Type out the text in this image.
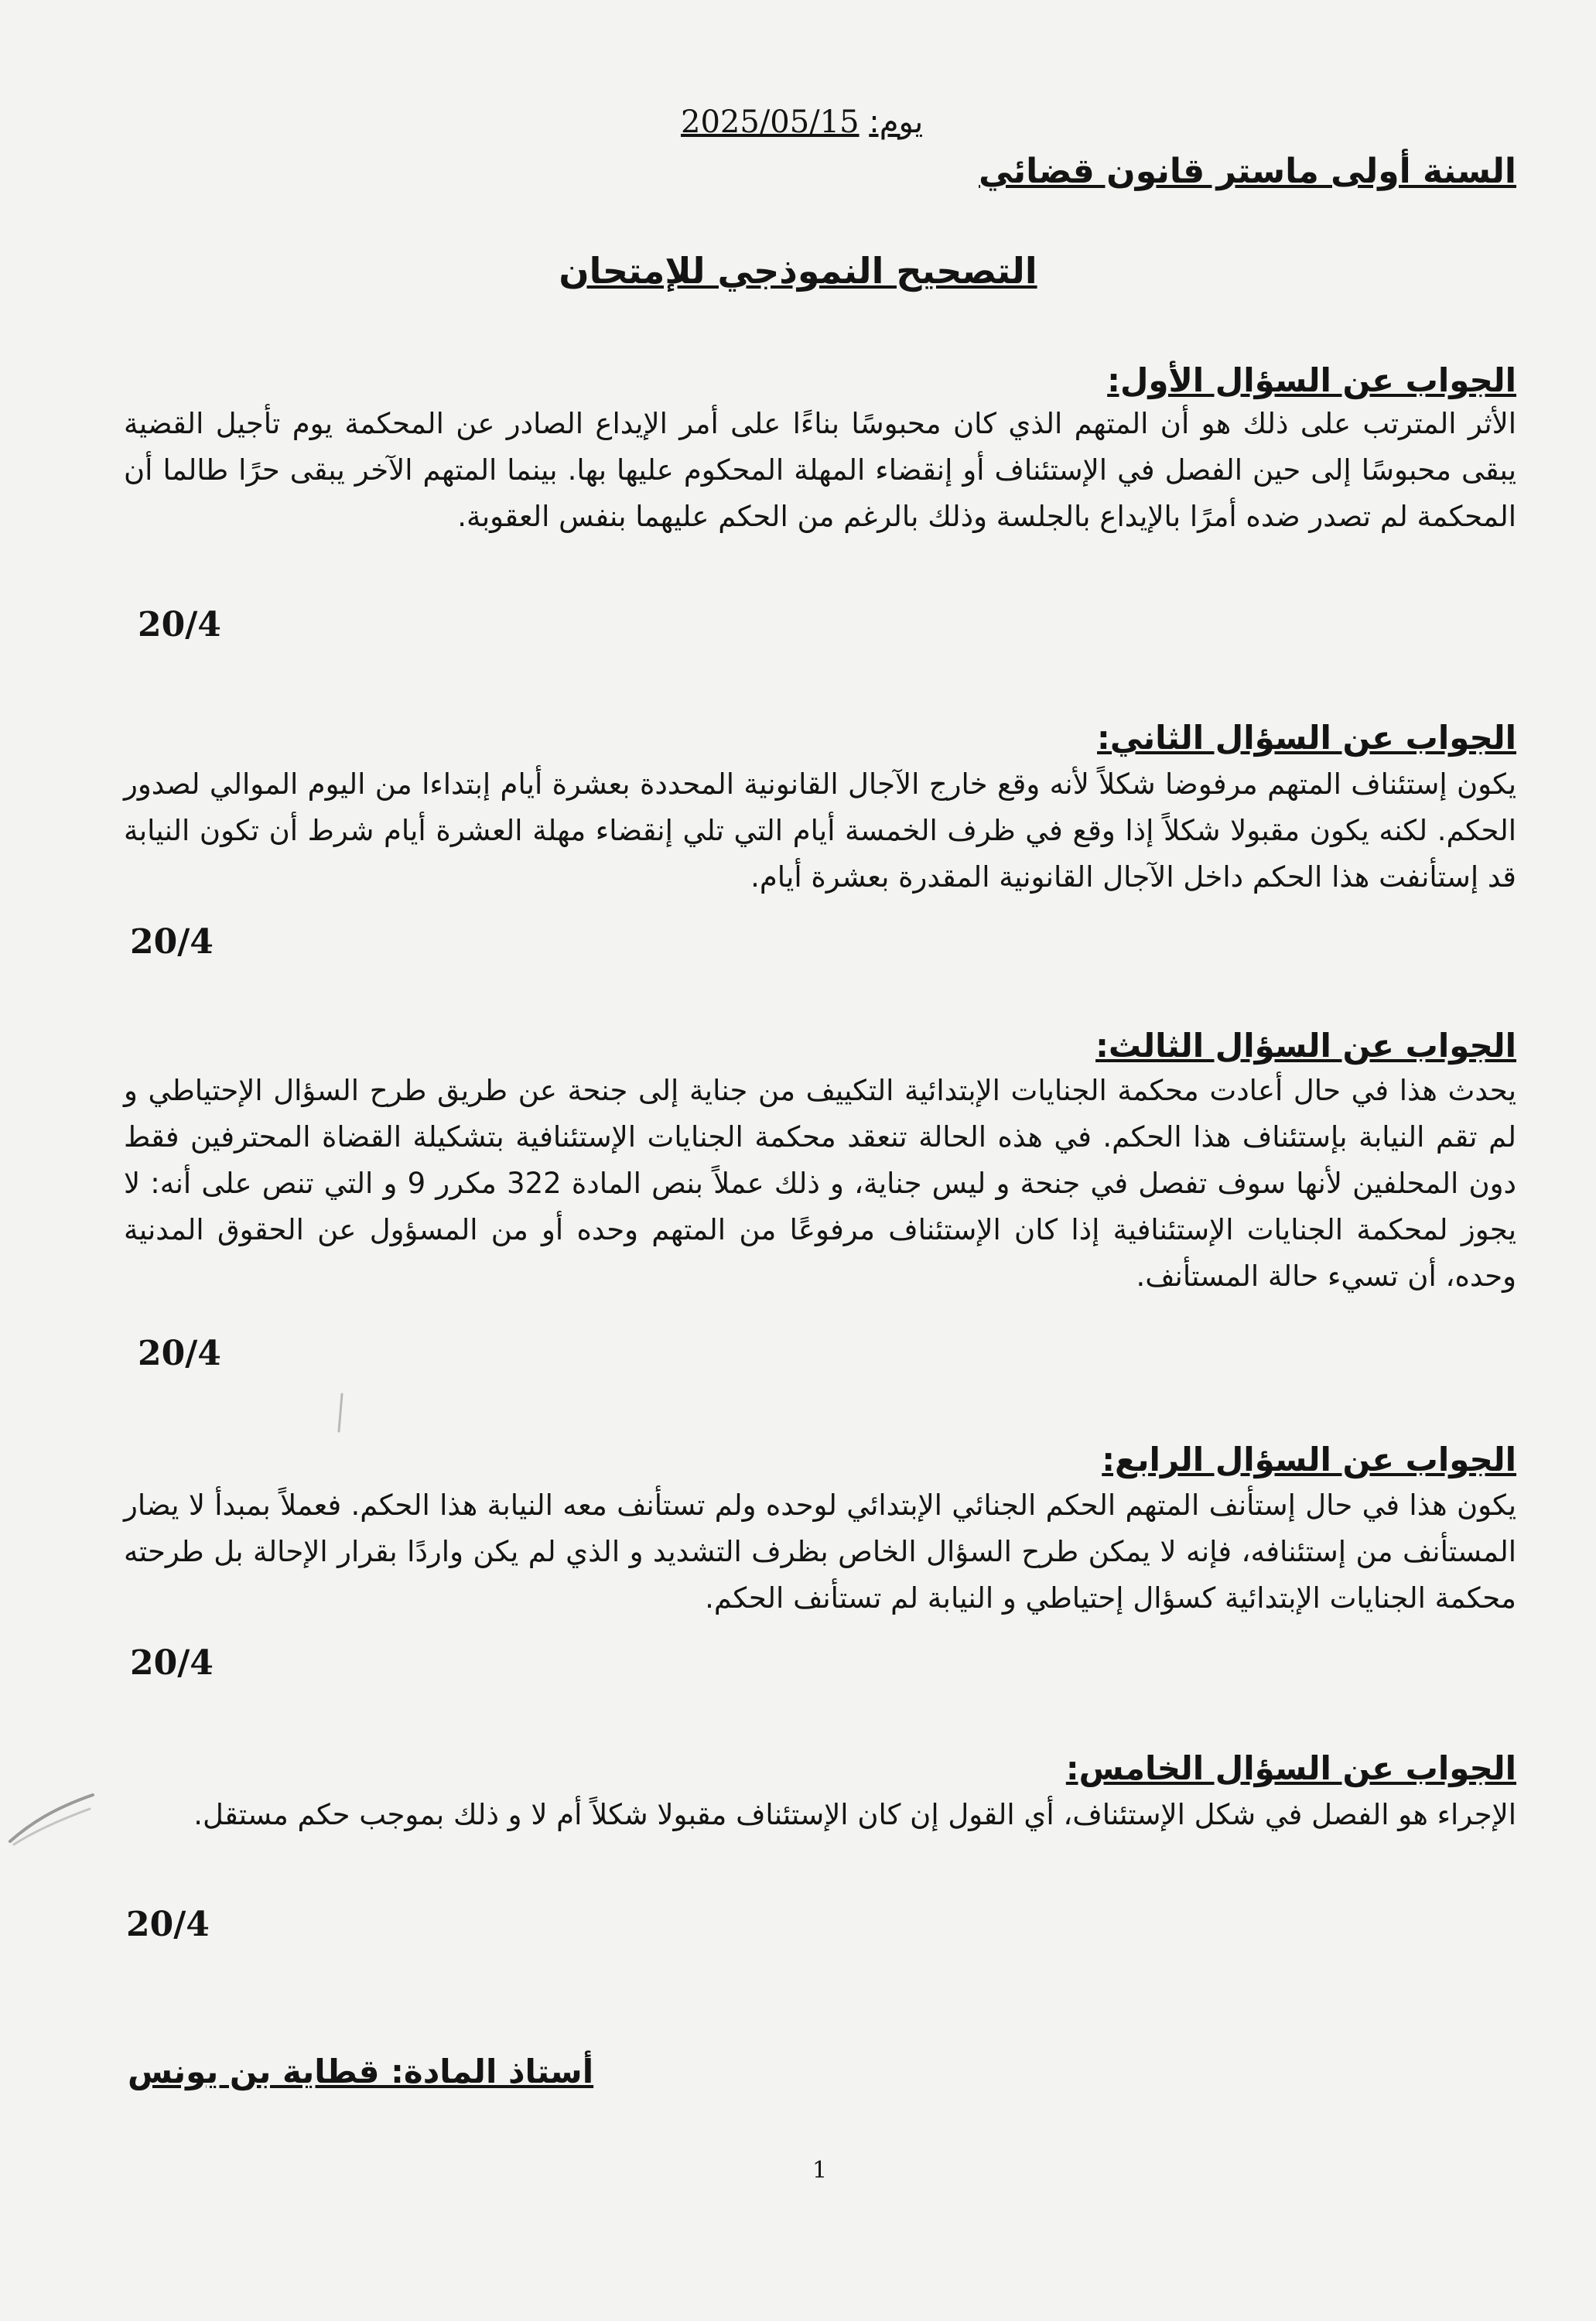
يوم: 2025/05/15
السنة أولى ماستر قانون قضائي
التصحيح النموذجي للإمتحان
الجواب عن السؤال الأول:
الأثر المترتب على ذلك هو أن المتهم الذي كان محبوسًا بناءًا على أمر الإيداع الصادر عن المحكمة يوم تأجيل القضية يبقى محبوسًا إلى حين الفصل في الإستئناف أو إنقضاء المهلة المحكوم عليها بها. بينما المتهم الآخر يبقى حرًا طالما أن المحكمة لم تصدر ضده أمرًا بالإيداع بالجلسة وذلك بالرغم من الحكم عليهما بنفس العقوبة.
20/4
الجواب عن السؤال الثاني:
يكون إستئناف المتهم مرفوضا شكلاً لأنه وقع خارج الآجال القانونية المحددة بعشرة أيام إبتداءا من اليوم الموالي لصدور الحكم. لكنه يكون مقبولا شكلاً إذا وقع في ظرف الخمسة أيام التي تلي إنقضاء مهلة العشرة أيام شرط أن تكون النيابة قد إستأنفت هذا الحكم داخل الآجال القانونية المقدرة بعشرة أيام.
20/4
الجواب عن السؤال الثالث:
يحدث هذا في حال أعادت محكمة الجنايات الإبتدائية التكييف من جناية إلى جنحة عن طريق طرح السؤال الإحتياطي و لم تقم النيابة بإستئناف هذا الحكم. في هذه الحالة تنعقد محكمة الجنايات الإستئنافية بتشكيلة القضاة المحترفين فقط دون المحلفين لأنها سوف تفصل في جنحة و ليس جناية، و ذلك عملاً بنص المادة 322 مكرر 9 و التي تنص على أنه: لا يجوز لمحكمة الجنايات الإستئنافية إذا كان الإستئناف مرفوعًا من المتهم وحده أو من المسؤول عن الحقوق المدنية وحده، أن تسيء حالة المستأنف.
20/4
الجواب عن السؤال الرابع:
يكون هذا في حال إستأنف المتهم الحكم الجنائي الإبتدائي لوحده ولم تستأنف معه النيابة هذا الحكم. فعملاً بمبدأ لا يضار المستأنف من إستئنافه، فإنه لا يمكن طرح السؤال الخاص بظرف التشديد و الذي لم يكن واردًا بقرار الإحالة بل طرحته محكمة الجنايات الإبتدائية كسؤال إحتياطي و النيابة لم تستأنف الحكم.
20/4
الجواب عن السؤال الخامس:
الإجراء هو الفصل في شكل الإستئناف، أي القول إن كان الإستئناف مقبولا شكلاً أم لا و ذلك بموجب حكم مستقل.
20/4
أستاذ المادة: قطاية بن يونس
1
